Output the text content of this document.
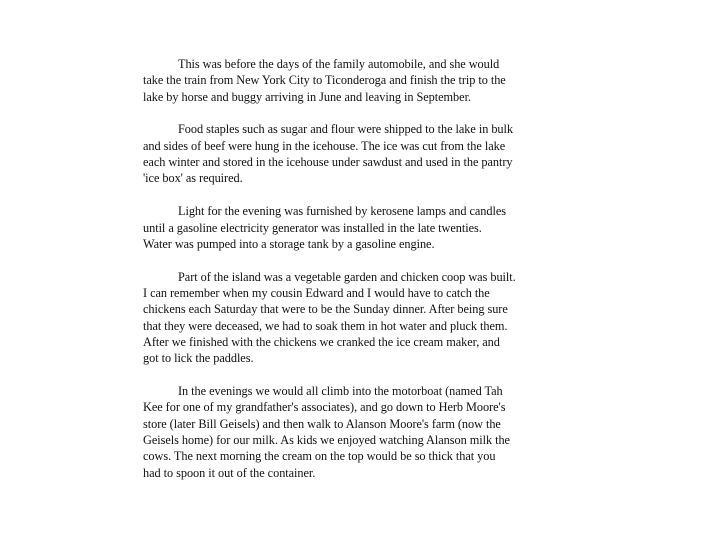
This was before the days of the family automobile, and she would
take the train from New York City to Ticonderoga and finish the trip to the
lake by horse and buggy arriving in June and leaving in September.
Food staples such as sugar and flour were shipped to the lake in bulk
and sides of beef were hung in the icehouse. The ice was cut from the lake
each winter and stored in the icehouse under sawdust and used in the pantry
'ice box' as required.
Light for the evening was furnished by kerosene lamps and candles
until a gasoline electricity generator was installed in the late twenties.
Water was pumped into a storage tank by a gasoline engine.
Part of the island was a vegetable garden and chicken coop was built.
I can remember when my cousin Edward and I would have to catch the
chickens each Saturday that were to be the Sunday dinner. After being sure
that they were deceased, we had to soak them in hot water and pluck them.
After we finished with the chickens we cranked the ice cream maker, and
got to lick the paddles.
In the evenings we would all climb into the motorboat (named Tah
Kee for one of my grandfather's associates), and go down to Herb Moore's
store (later Bill Geisels) and then walk to Alanson Moore's farm (now the
Geisels home) for our milk. As kids we enjoyed watching Alanson milk the
cows. The next morning the cream on the top would be so thick that you
had to spoon it out of the container.
